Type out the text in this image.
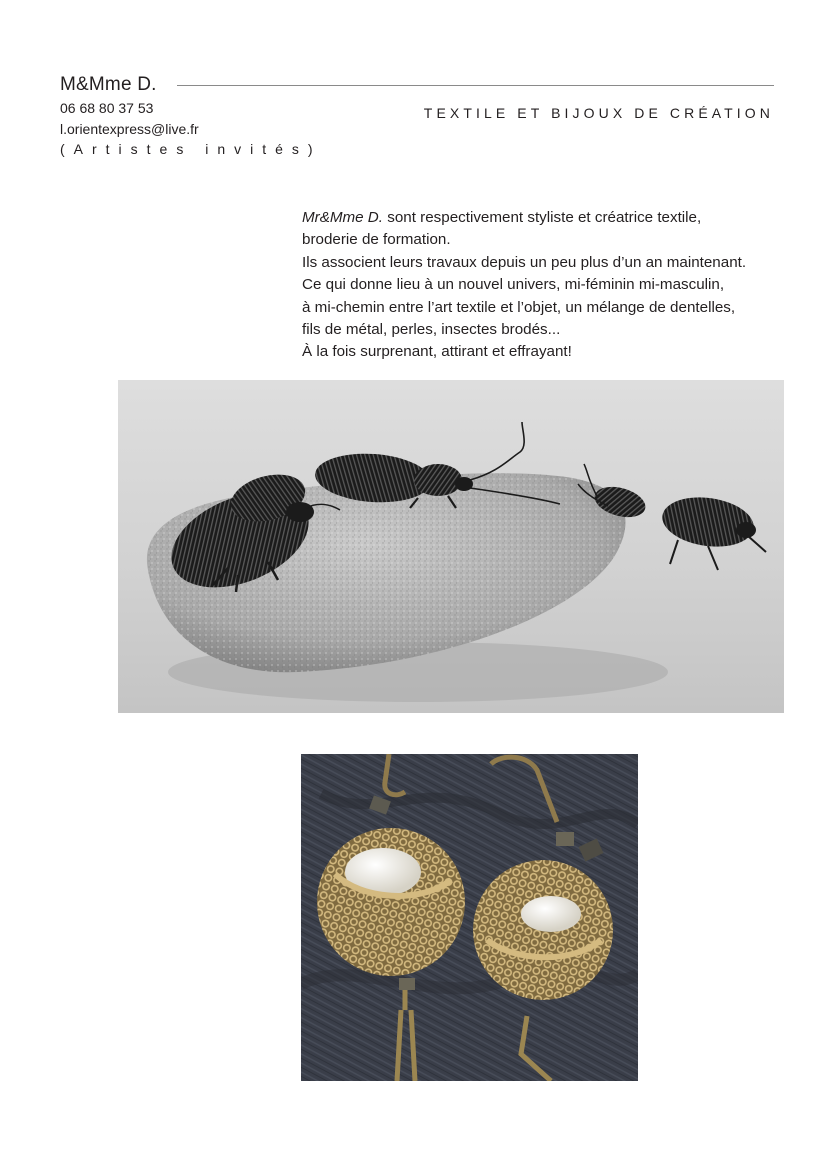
M&Mme D.
06 68 80 37 53
l.orientexpress@live.fr
(Artistes invités)
TEXTILE ET BIJOUX DE CRÉATION
Mr&Mme D. sont respectivement styliste et créatrice textile,
broderie de formation.
Ils associent leurs travaux depuis un peu plus d’un an maintenant.
Ce qui donne lieu à un nouvel univers, mi-féminin mi-masculin,
à mi-chemin entre l’art textile et l’objet, un mélange de dentelles,
fils de métal, perles, insectes brodés...
À la fois surprenant, attirant et effrayant!
